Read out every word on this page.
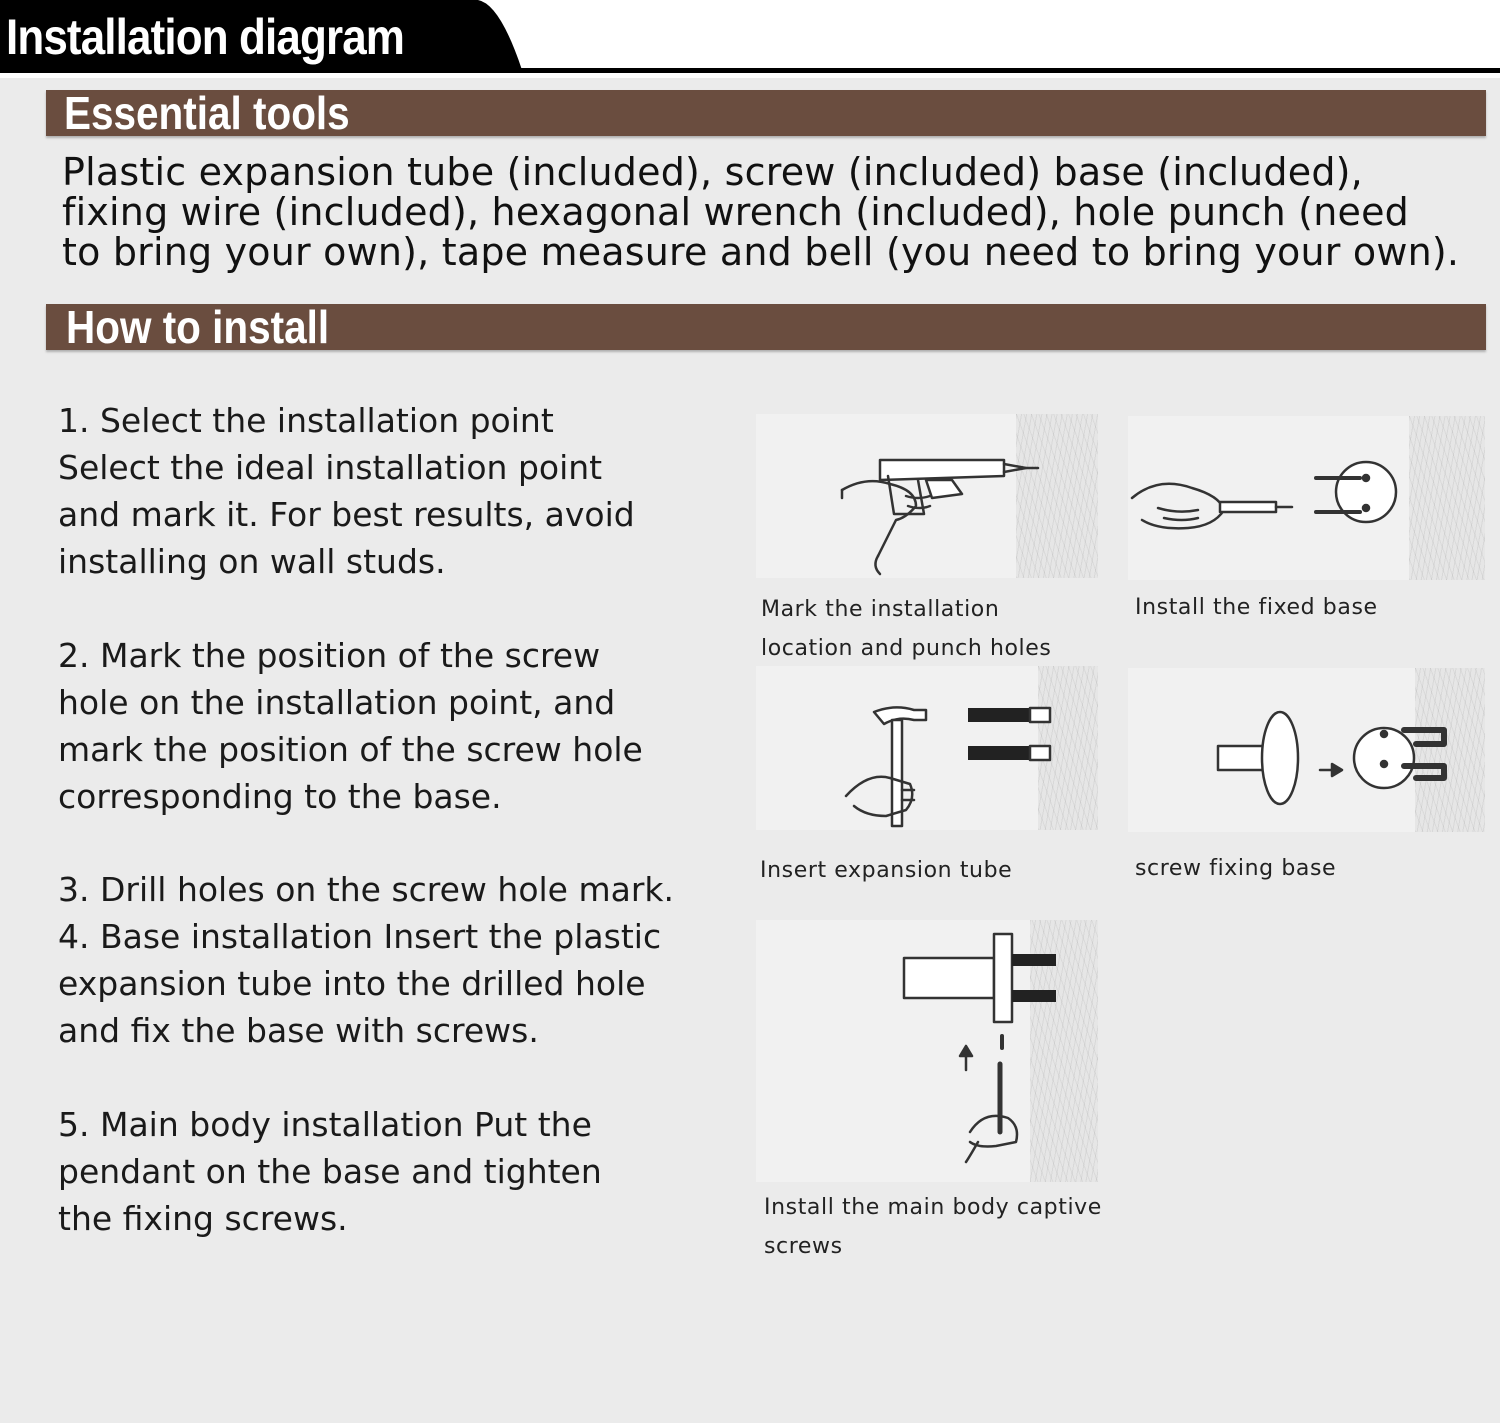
Installation diagram
Essential tools

Plastic expansion tube (included), screw (included) base (included),

fixing wire (included), hexagonal wrench (included), hole punch (need

to bring your own), tape measure and bell (you need to bring your own).

How to install

1. Select the installation point

Select the ideal installation point

and mark it. For best results, avoid

installing on wall studs.

2. Mark the position of the screw

hole on the installation point, and

mark the position of the screw hole

corresponding to the base.

3. Drill holes on the screw hole mark.

4. Base installation Insert the plastic

expansion tube into the drilled hole

and fix the base with screws.

5. Main body installation Put the

pendant on the base and tighten

the fixing screws.

Mark the installation

location and punch holes

Install the fixed base

Insert expansion tube	screw fixing base

Install the main body captive

screws
